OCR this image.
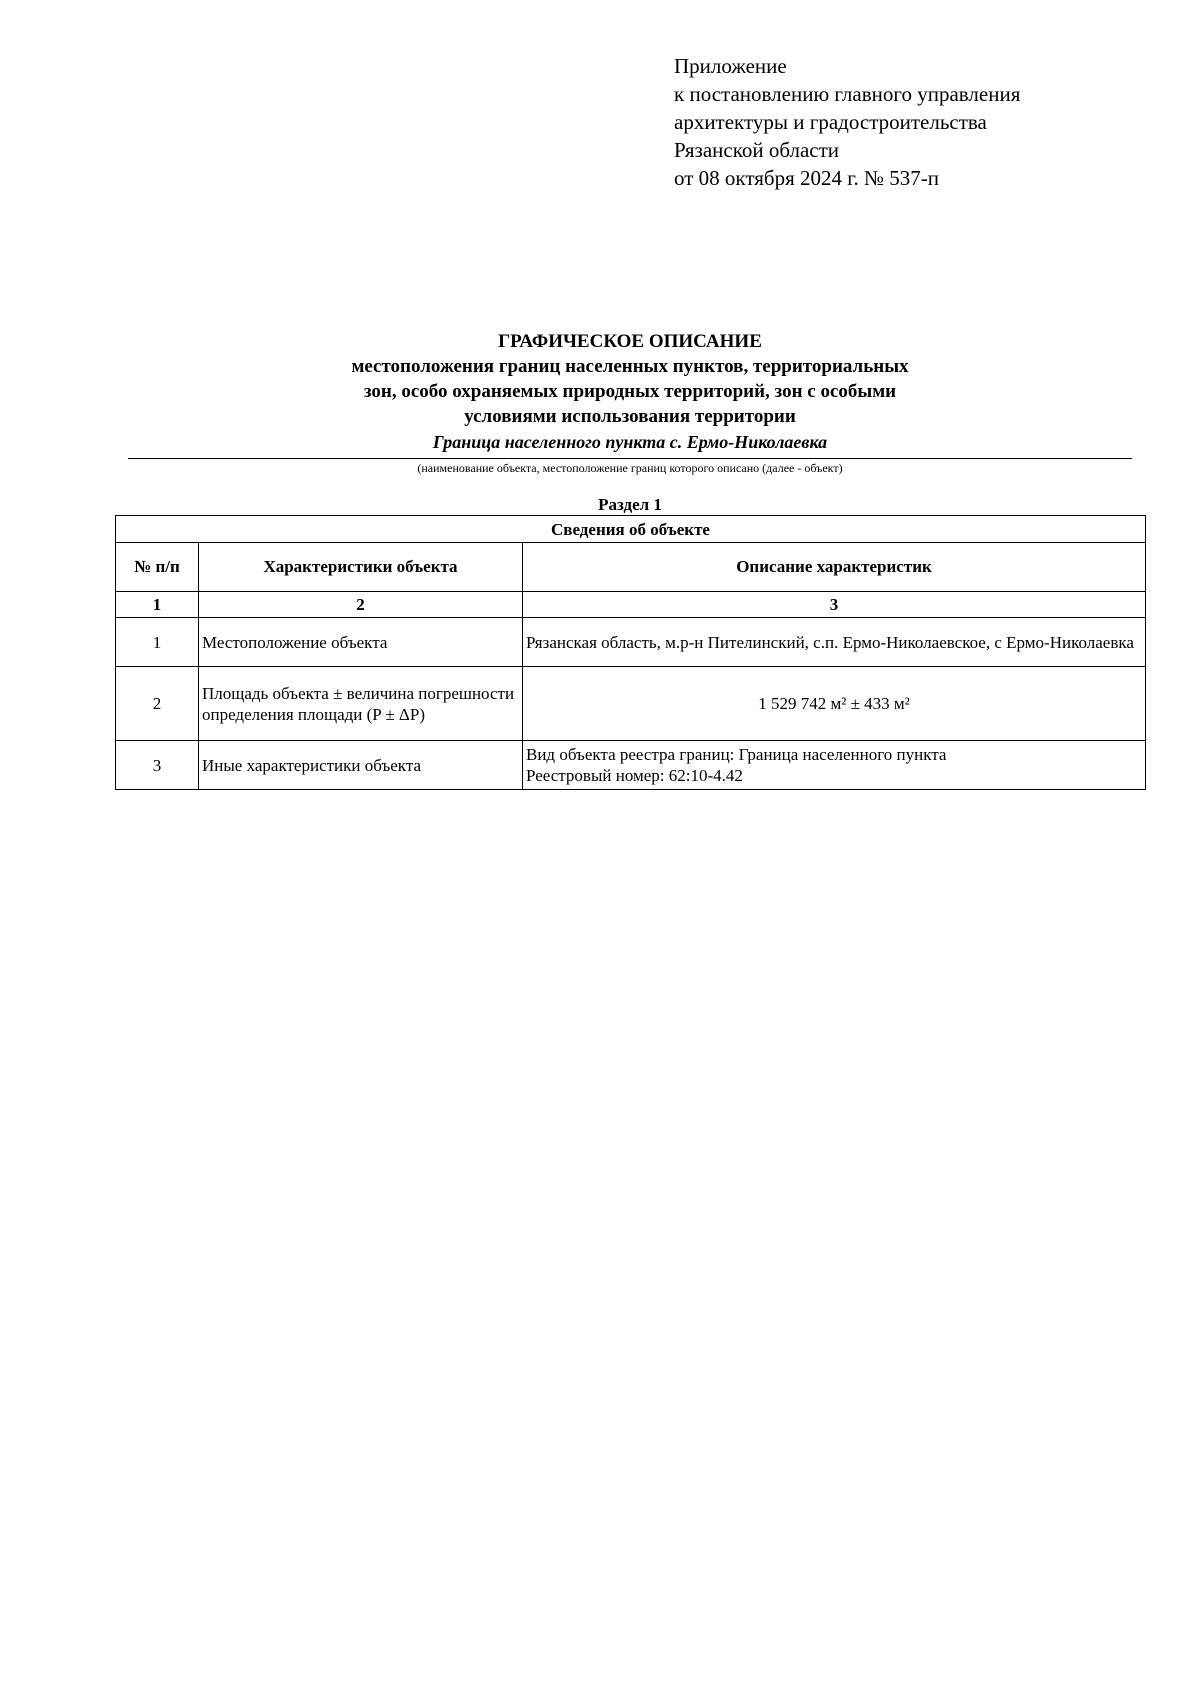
Приложение
к постановлению главного управления
архитектуры и градостроительства
Рязанской области
от 08 октября 2024 г. № 537-п
ГРАФИЧЕСКОЕ ОПИСАНИЕ
местоположения границ населенных пунктов, территориальных
зон, особо охраняемых природных территорий, зон с особыми
условиями использования территории
Граница населенного пункта с. Ермо-Николаевка
(наименование объекта, местоположение границ которого описано (далее - объект)
Раздел 1
Сведения об объекте		
№ п/п	Характеристики объекта	Описание характеристик
1	2	3
1	Местоположение объекта	Рязанская область, м.р-н Пителинский, с.п. Ермо-Николаевское, с Ермо-Николаевка
2	Площадь объекта ± величина погрешности определения площади (P ± ΔP)	1 529 742 м² ± 433 м²
3	Иные характеристики объекта	Вид объекта реестра границ: Граница населенного пункта
Реестровый номер: 62:10-4.42
